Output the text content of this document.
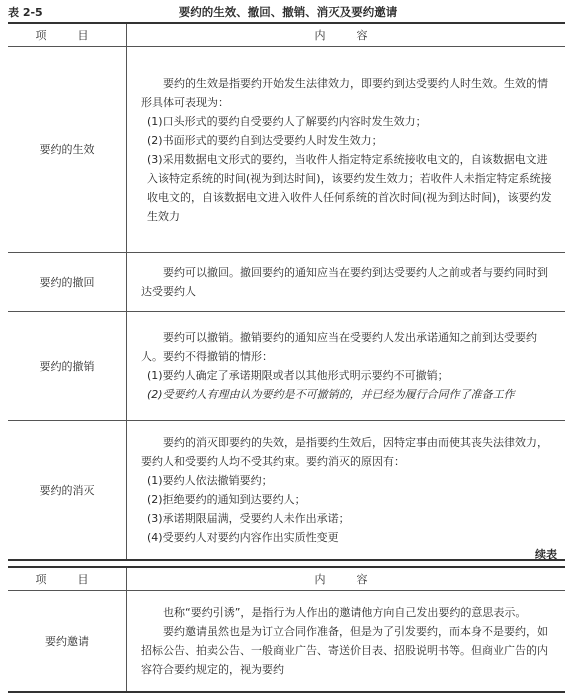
表 2-5	要约的生效、撤回、撤销、消灭及要约邀请
项　目	内　容
要约的生效	要约的生效是指要约开始发生法律效力，即要约到达受要约人时生效。生效的情形具体可表现为：

(1)口头形式的要约自受要约人了解要约内容时发生效力；

(2)书面形式的要约自到达受要约人时发生效力；

(3)采用数据电文形式的要约，当收件人指定特定系统接收电文的，自该数据电文进入该特定系统的时间(视为到达时间)，该要约发生效力；若收件人未指定特定系统接收电文的，自该数据电文进入收件人任何系统的首次时间(视为到达时间)，该要约发生效力

要约的撤回	要约可以撤回。撤回要约的通知应当在要约到达受要约人之前或者与要约同时到达受要约人

要约的撤销	要约可以撤销。撤销要约的通知应当在受要约人发出承诺通知之前到达受要约人。要约不得撤销的情形：

(1)要约人确定了承诺期限或者以其他形式明示要约不可撤销；

(2)受要约人有理由认为要约是不可撤销的，并已经为履行合同作了准备工作

要约的消灭	要约的消灭即要约的失效，是指要约生效后，因特定事由而使其丧失法律效力，要约人和受要约人均不受其约束。要约消灭的原因有：

(1)要约人依法撤销要约；

(2)拒绝要约的通知到达要约人；

(3)承诺期限届满，受要约人未作出承诺；

(4)受要约人对要约内容作出实质性变更

续表
项　目	内　容
要约邀请	也称“要约引诱”，是指行为人作出的邀请他方向自己发出要约的意思表示。

要约邀请虽然也是为订立合同作准备，但是为了引发要约，而本身不是要约，如招标公告、拍卖公告、一般商业广告、寄送价目表、招股说明书等。但商业广告的内容符合要约规定的，视为要约
